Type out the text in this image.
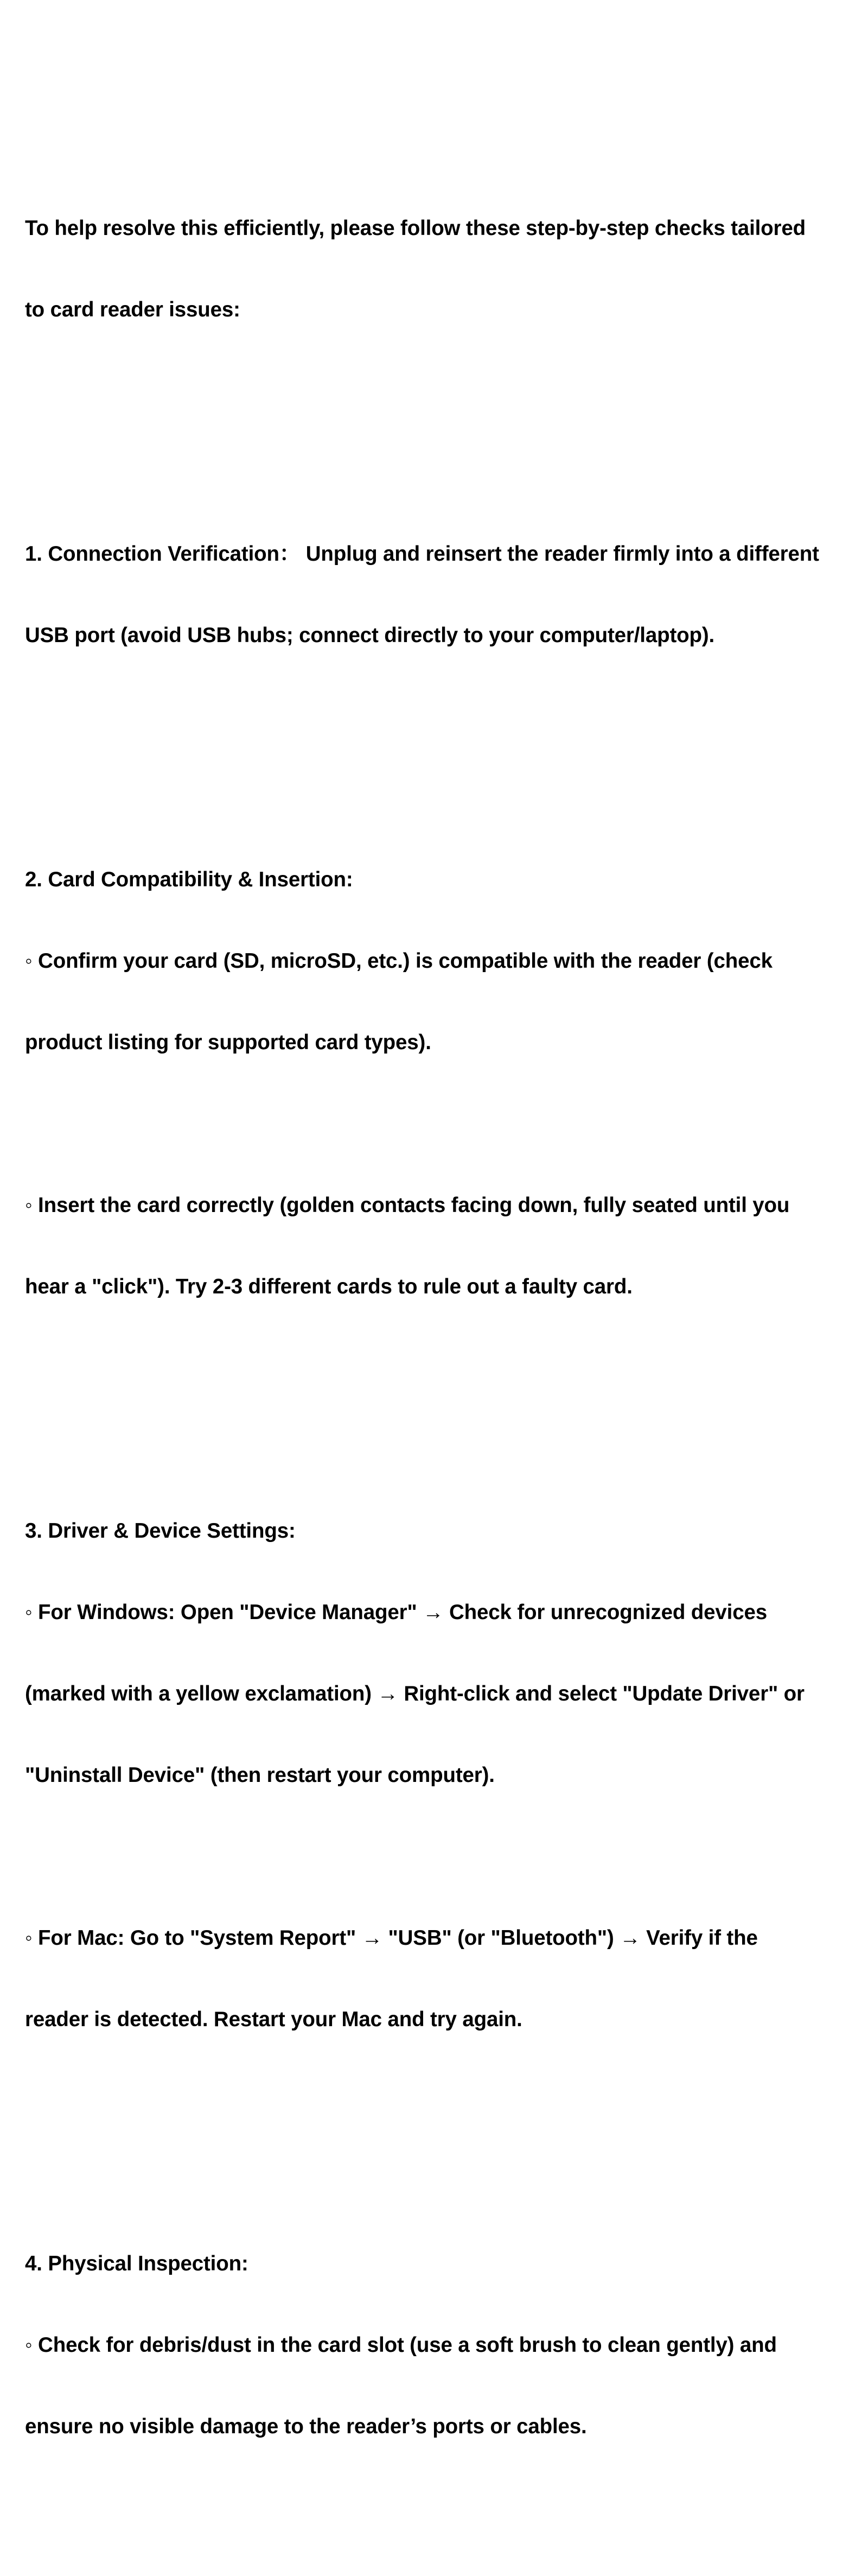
To help resolve this efficiently, please follow these step-by-step checks tailored

to card reader issues:

1. Connection Verification： Unplug and reinsert the reader firmly into a different

USB port (avoid USB hubs; connect directly to your computer/laptop).

2. Card Compatibility & Insertion:

◦ Confirm your card (SD, microSD, etc.) is compatible with the reader (check

product listing for supported card types).

◦ Insert the card correctly (golden contacts facing down, fully seated until you

hear a "click"). Try 2-3 different cards to rule out a faulty card.

3. Driver & Device Settings:

◦ For Windows: Open "Device Manager" → Check for unrecognized devices

(marked with a yellow exclamation) → Right-click and select "Update Driver" or

"Uninstall Device" (then restart your computer).

◦ For Mac: Go to "System Report" → "USB" (or "Bluetooth") → Verify if the

reader is detected. Restart your Mac and try again.

4. Physical Inspection:

◦ Check for debris/dust in the card slot (use a soft brush to clean gently) and

ensure no visible damage to the reader’s ports or cables.
